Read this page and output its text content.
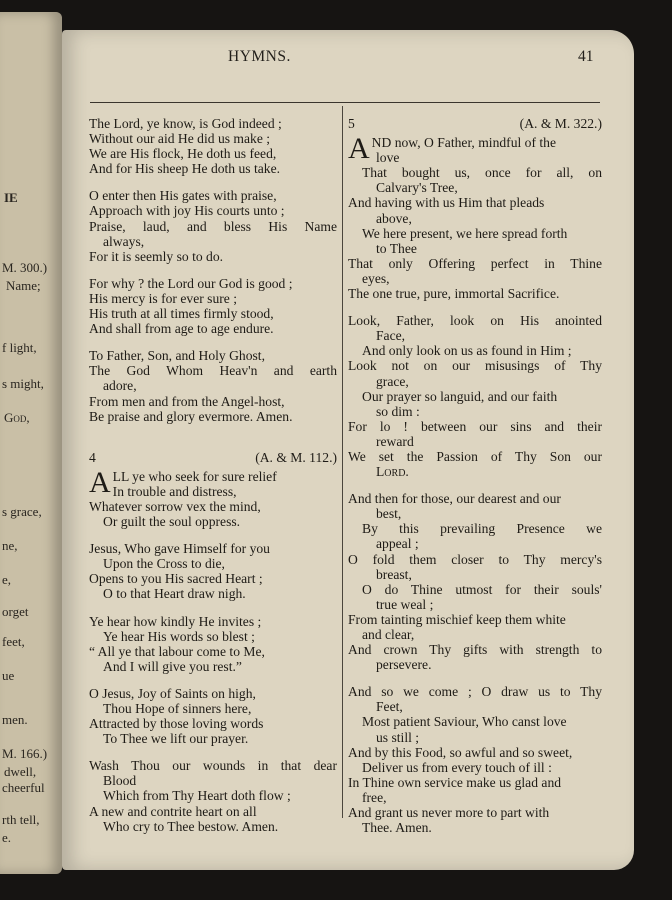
IE
M. 300.)
Name;
f light,
s might,
God,
s grace,
ne,
e,
orget
feet,
ue
men.
M. 166.)
dwell,
cheerful
rth tell,
e.
HYMNS.	41
The Lord, ye know, is God indeed ;
Without our aid He did us make ;
We are His flock, He doth us feed,
And for His sheep He doth us take.
O enter then His gates with praise,
Approach with joy His courts unto ;
Praise, laud, and bless His Name
always,
For it is seemly so to do.
For why ? the Lord our God is good ;
His mercy is for ever sure ;
His truth at all times firmly stood,
And shall from age to age endure.
To Father, Son, and Holy Ghost,
The God Whom Heav'n and earth
adore,
From men and from the Angel-host,
Be praise and glory evermore. Amen.
4	(A. & M. 112.)
A LL ye who seek for sure relief
In trouble and distress,
Whatever sorrow vex the mind,
Or guilt the soul oppress.
Jesus, Who gave Himself for you
Upon the Cross to die,
Opens to you His sacred Heart ;
O to that Heart draw nigh.
Ye hear how kindly He invites ;
Ye hear His words so blest ;
“ All ye that labour come to Me,
And I will give you rest.”
O Jesus, Joy of Saints on high,
Thou Hope of sinners here,
Attracted by those loving words
To Thee we lift our prayer.
Wash Thou our wounds in that dear
Blood
Which from Thy Heart doth flow ;
A new and contrite heart on all
Who cry to Thee bestow. Amen.
5	(A. & M. 322.)
A ND now, O Father, mindful of the
love
That bought us, once for all, on
Calvary's Tree,
And having with us Him that pleads
above,
We here present, we here spread forth
to Thee
That only Offering perfect in Thine
eyes,
The one true, pure, immortal Sacrifice.
Look, Father, look on His anointed
Face,
And only look on us as found in Him ;
Look not on our misusings of Thy
grace,
Our prayer so languid, and our faith
so dim :
For lo ! between our sins and their
reward
We set the Passion of Thy Son our
Lord.
And then for those, our dearest and our
best,
By this prevailing Presence we
appeal ;
O fold them closer to Thy mercy's
breast,
O do Thine utmost for their souls'
true weal ;
From tainting mischief keep them white
and clear,
And crown Thy gifts with strength to
persevere.
And so we come ; O draw us to Thy
Feet,
Most patient Saviour, Who canst love
us still ;
And by this Food, so awful and so sweet,
Deliver us from every touch of ill :
In Thine own service make us glad and
free,
And grant us never more to part with
Thee. Amen.
